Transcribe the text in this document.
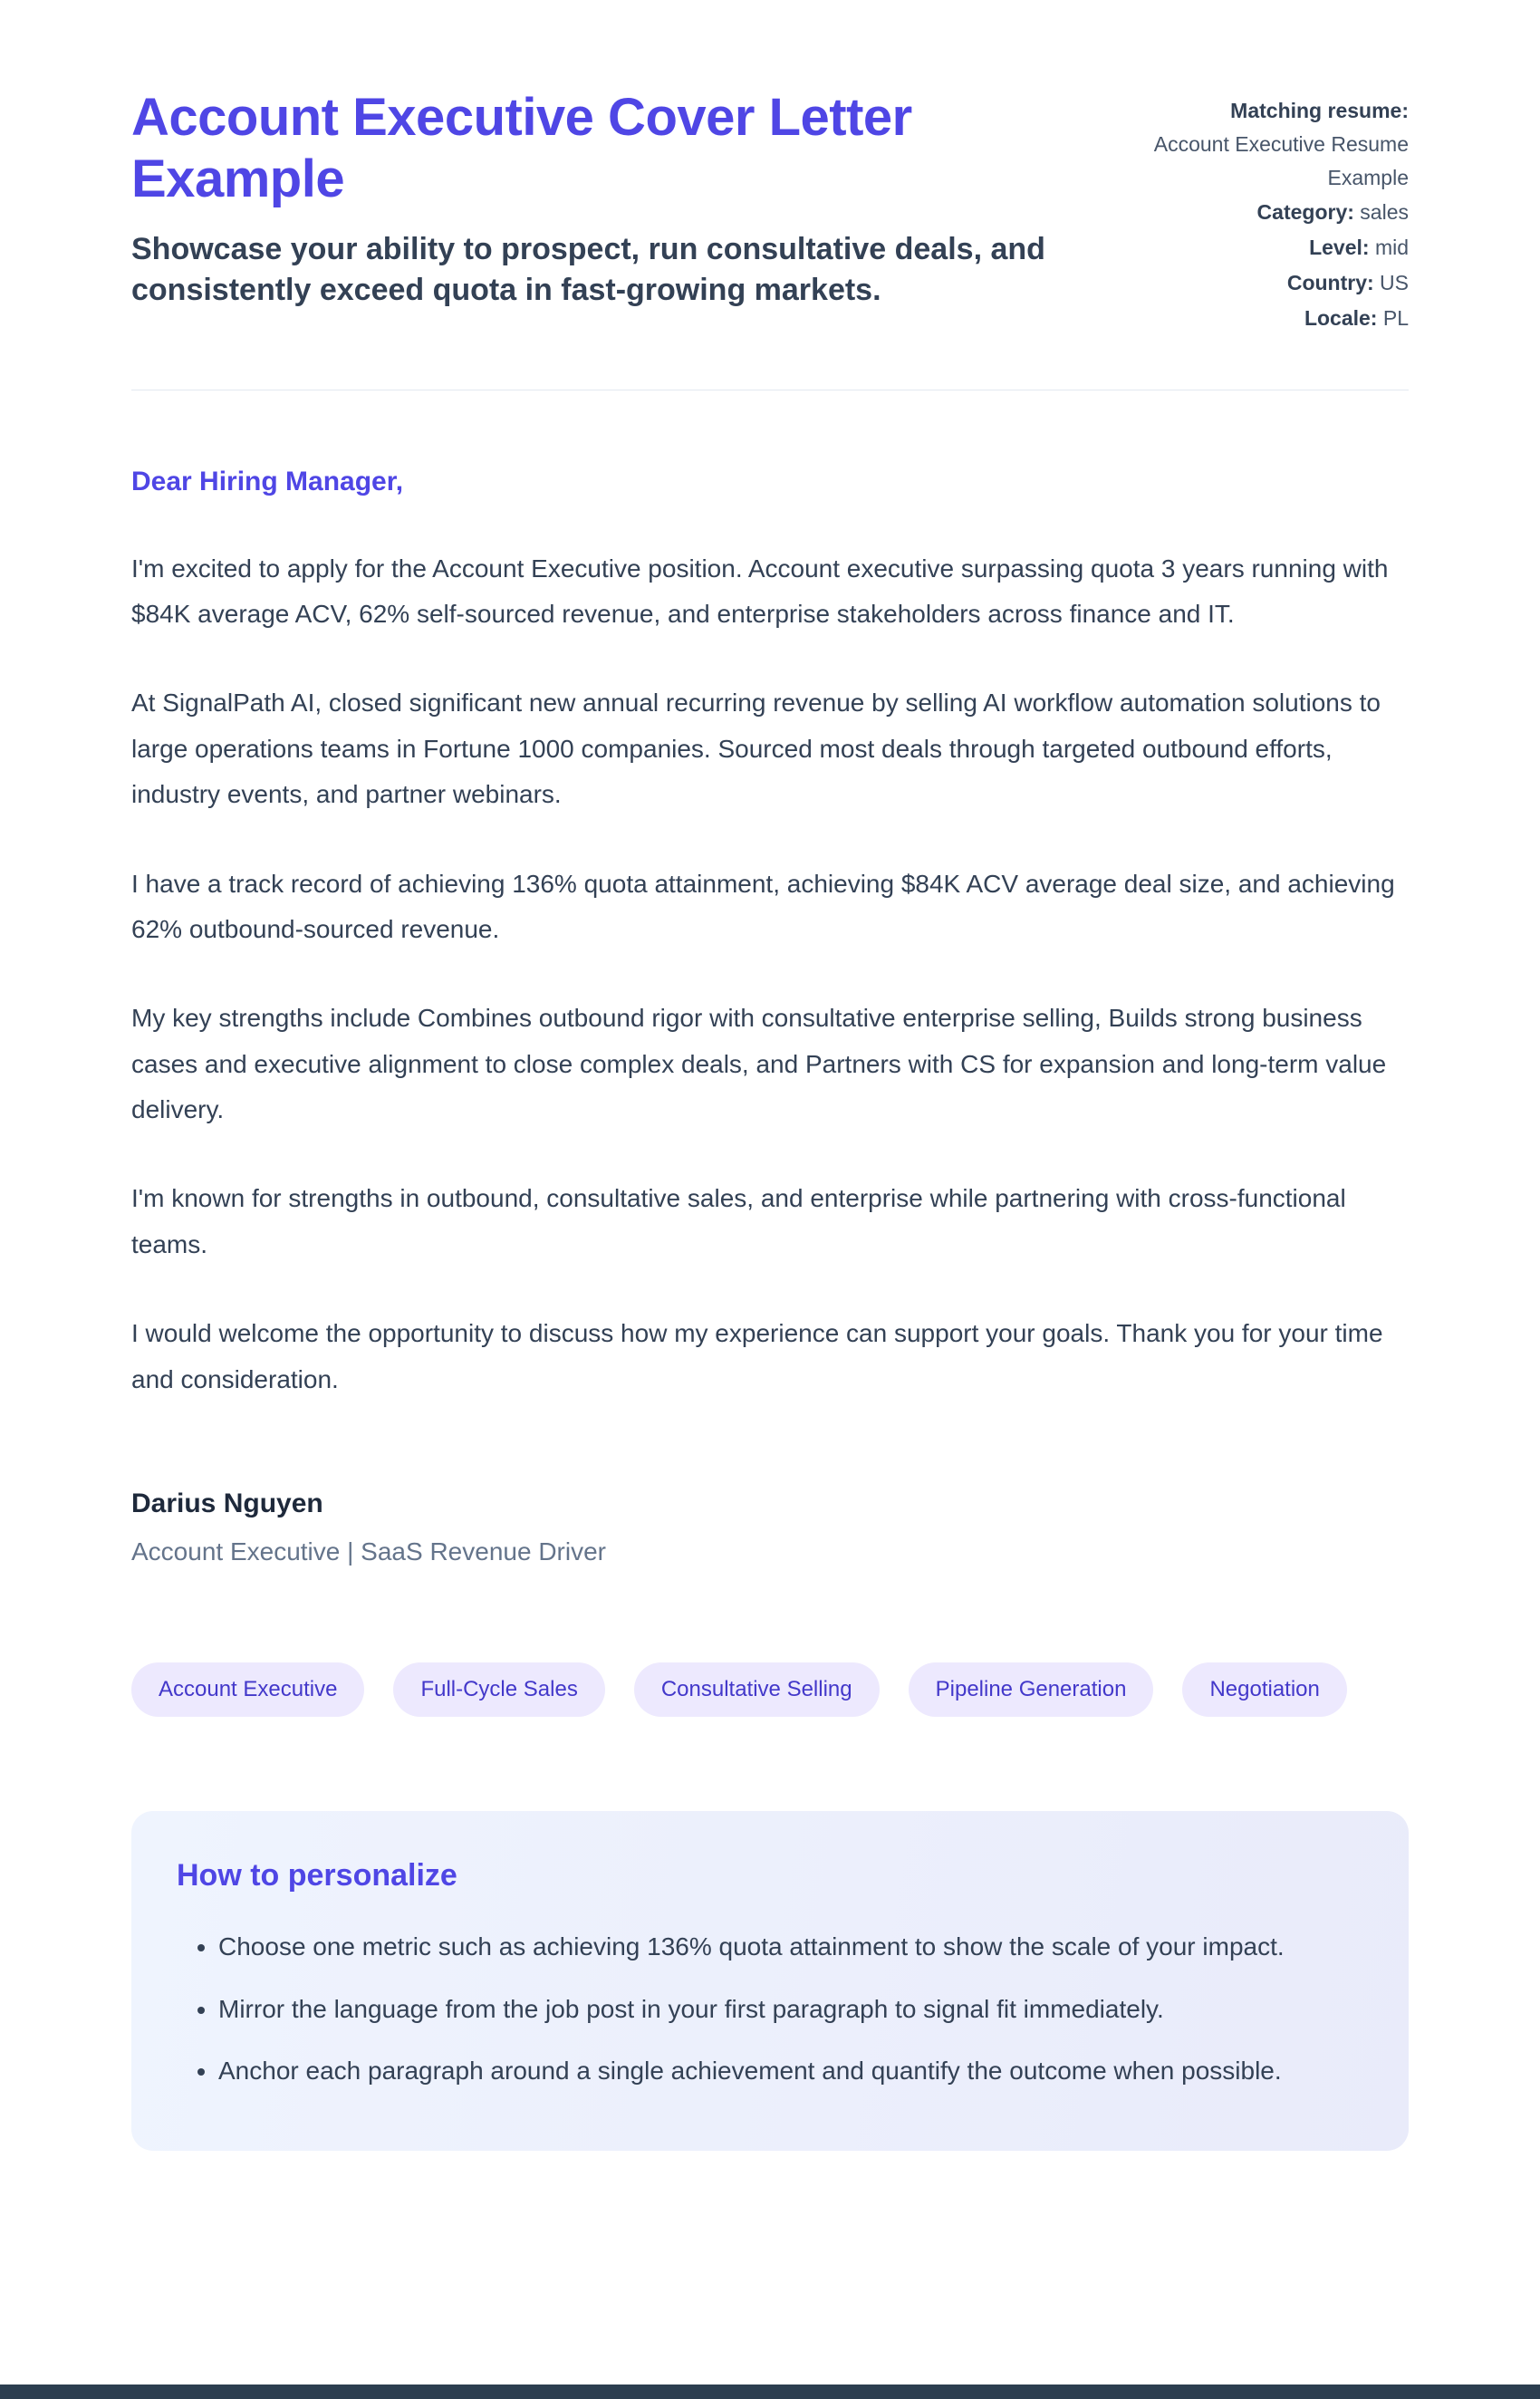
Account Executive Cover Letter Example

Showcase your ability to prospect, run consultative deals, and consistently exceed quota in fast-growing markets.

Matching resume:
Account Executive Resume Example
Category: sales
Level: mid
Country: US
Locale: PL

Dear Hiring Manager,

I'm excited to apply for the Account Executive position. Account executive surpassing quota 3 years running with $84K average ACV, 62% self-sourced revenue, and enterprise stakeholders across finance and IT.

At SignalPath AI, closed significant new annual recurring revenue by selling AI workflow automation solutions to large operations teams in Fortune 1000 companies. Sourced most deals through targeted outbound efforts, industry events, and partner webinars.

I have a track record of achieving 136% quota attainment, achieving $84K ACV average deal size, and achieving 62% outbound-sourced revenue.

My key strengths include Combines outbound rigor with consultative enterprise selling, Builds strong business cases and executive alignment to close complex deals, and Partners with CS for expansion and long-term value delivery.

I'm known for strengths in outbound, consultative sales, and enterprise while partnering with cross-functional teams.

I would welcome the opportunity to discuss how my experience can support your goals. Thank you for your time and consideration.

Darius Nguyen

Account Executive | SaaS Revenue Driver

Account Executive	Full-Cycle Sales	Consultative Selling	Pipeline Generation	Negotiation
How to personalize
• Choose one metric such as achieving 136% quota attainment to show the scale of your impact.
• Mirror the language from the job post in your first paragraph to signal fit immediately.
• Anchor each paragraph around a single achievement and quantify the outcome when possible.
